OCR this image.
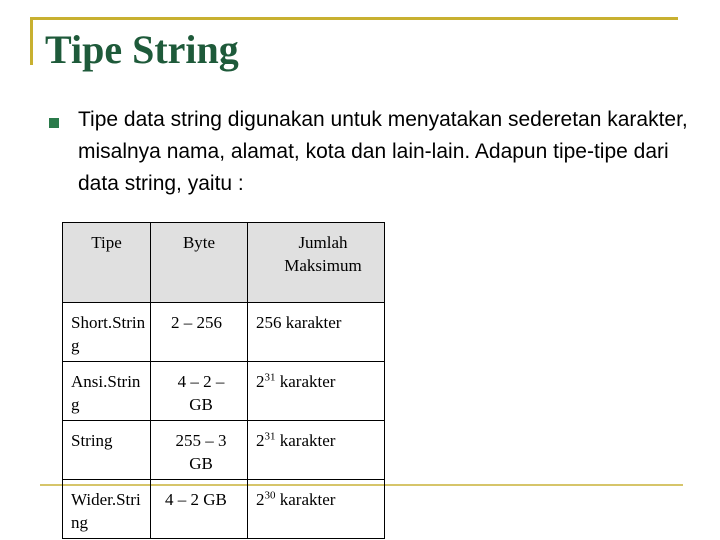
Tipe String
Tipe data string digunakan untuk menyatakan sederetan karakter, misalnya nama, alamat, kota dan lain-lain. Adapun tipe-tipe dari data string, yaitu :
Tipe	Byte	Jumlah Maksimum

Short.String	2 – 256	256 karakter

Ansi.String	4 – 2 – GB	$2^{31}$ karakter

String	255 – 3 GB	$2^{31}$ karakter

Wider.String	4 – 2 GB	$2^{30}$ karakter
